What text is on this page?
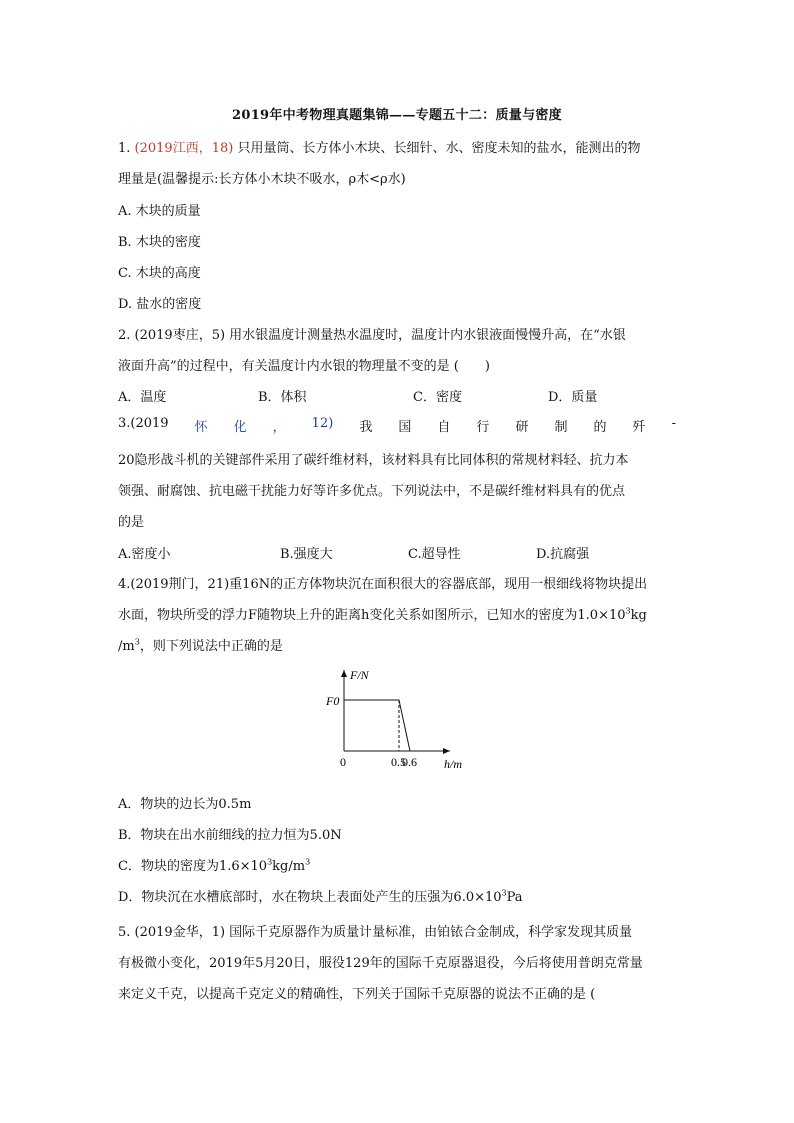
2019年中考物理真题集锦——专题五十二：质量与密度
1. (2019江西，18) 只用量筒、长方体小木块、长细针、水、密度未知的盐水，能测出的物
理量是(温馨提示:长方体小木块不吸水，ρ木<ρ水)
A. 木块的质量
B. 木块的密度
C. 木块的高度
D. 盐水的密度
2. (2019枣庄，5) 用水银温度计测量热水温度时，温度计内水银液面慢慢升高，在“水银
液面升高”的过程中，有关温度计内水银的物理量不变的是 (　　)
A．温度	B．体积	C．密度	D．质量
3.(2019 怀 化 ， 12) 我 国 自 行 研 制 的 歼 -
20隐形战斗机的关键部件采用了碳纤维材料，该材料具有比同体积的常规材料轻、抗力本
领强、耐腐蚀、抗电磁干扰能力好等许多优点。下列说法中，不是碳纤维材料具有的优点
的是
A.密度小	B.强度大	C.超导性	D.抗腐强
4.(2019荆门，21)重16N的正方体物块沉在面积很大的容器底部，现用一根细线将物块提出
水面，物块所受的浮力F随物块上升的距离h变化关系如图所示，已知水的密度为$1.0\times 10^3kg$
$/m^3$，则下列说法中正确的是
F/N
F0
0	0.5
0.6 h/m
A．物块的边长为0.5m
B．物块在出水前细线的拉力恒为5.0N
C．物块的密度为$1.6\times 10^3kg/m^3$
D．物块沉在水槽底部时，水在物块上表面处产生的压强为$6.0\times 10^3Pa$
5. (2019金华，1) 国际千克原器作为质量计量标准，由铂铱合金制成，科学家发现其质量
有极微小变化，2019年5月20日，服役129年的国际千克原器退役，今后将使用普朗克常量
来定义千克，以提高千克定义的精确性，下列关于国际千克原器的说法不正确的是 (
